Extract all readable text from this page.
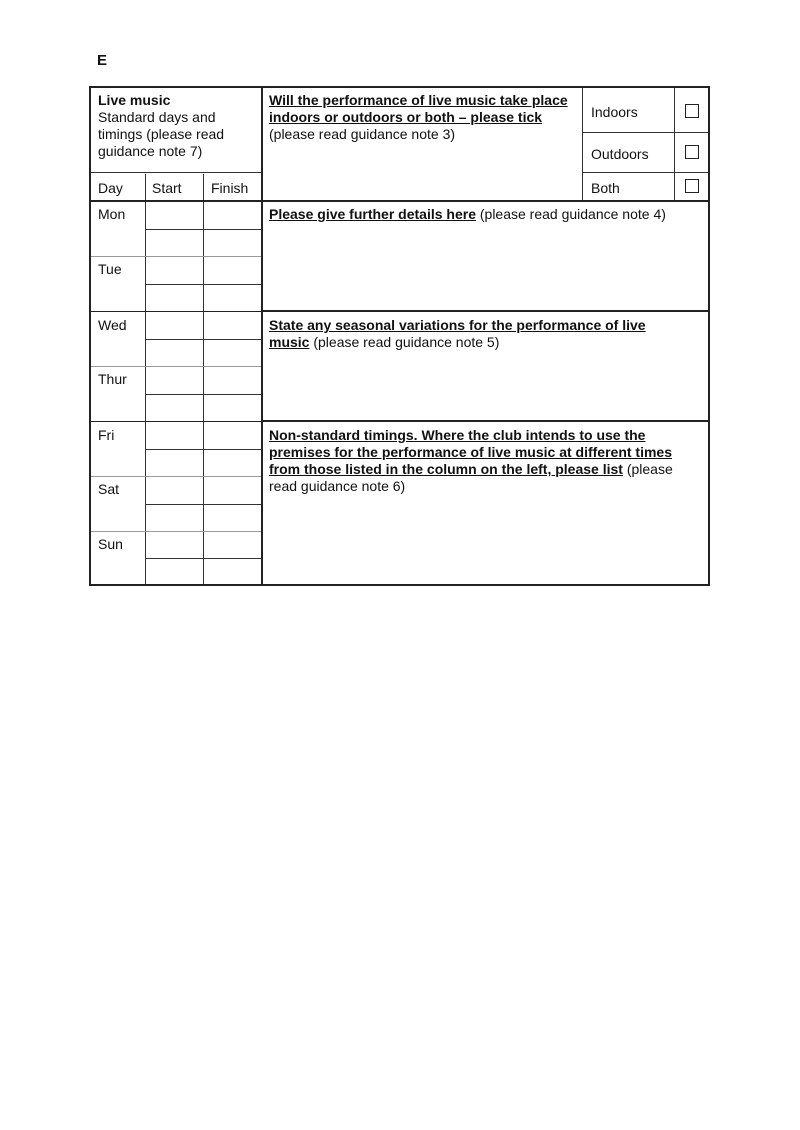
E
Live music
Standard days and timings (please read guidance note 7)
Will the performance of live music take place indoors or outdoors or both – please tick (please read guidance note 3)
Indoors
Outdoors
Both
Day Start Finish
Mon
Tue
Wed
Thur
Fri
Sat
Sun
Please give further details here (please read guidance note 4)
State any seasonal variations for the performance of live music (please read guidance note 5)
Non-standard timings. Where the club intends to use the premises for the performance of live music at different times from those listed in the column on the left, please list (please read guidance note 6)
